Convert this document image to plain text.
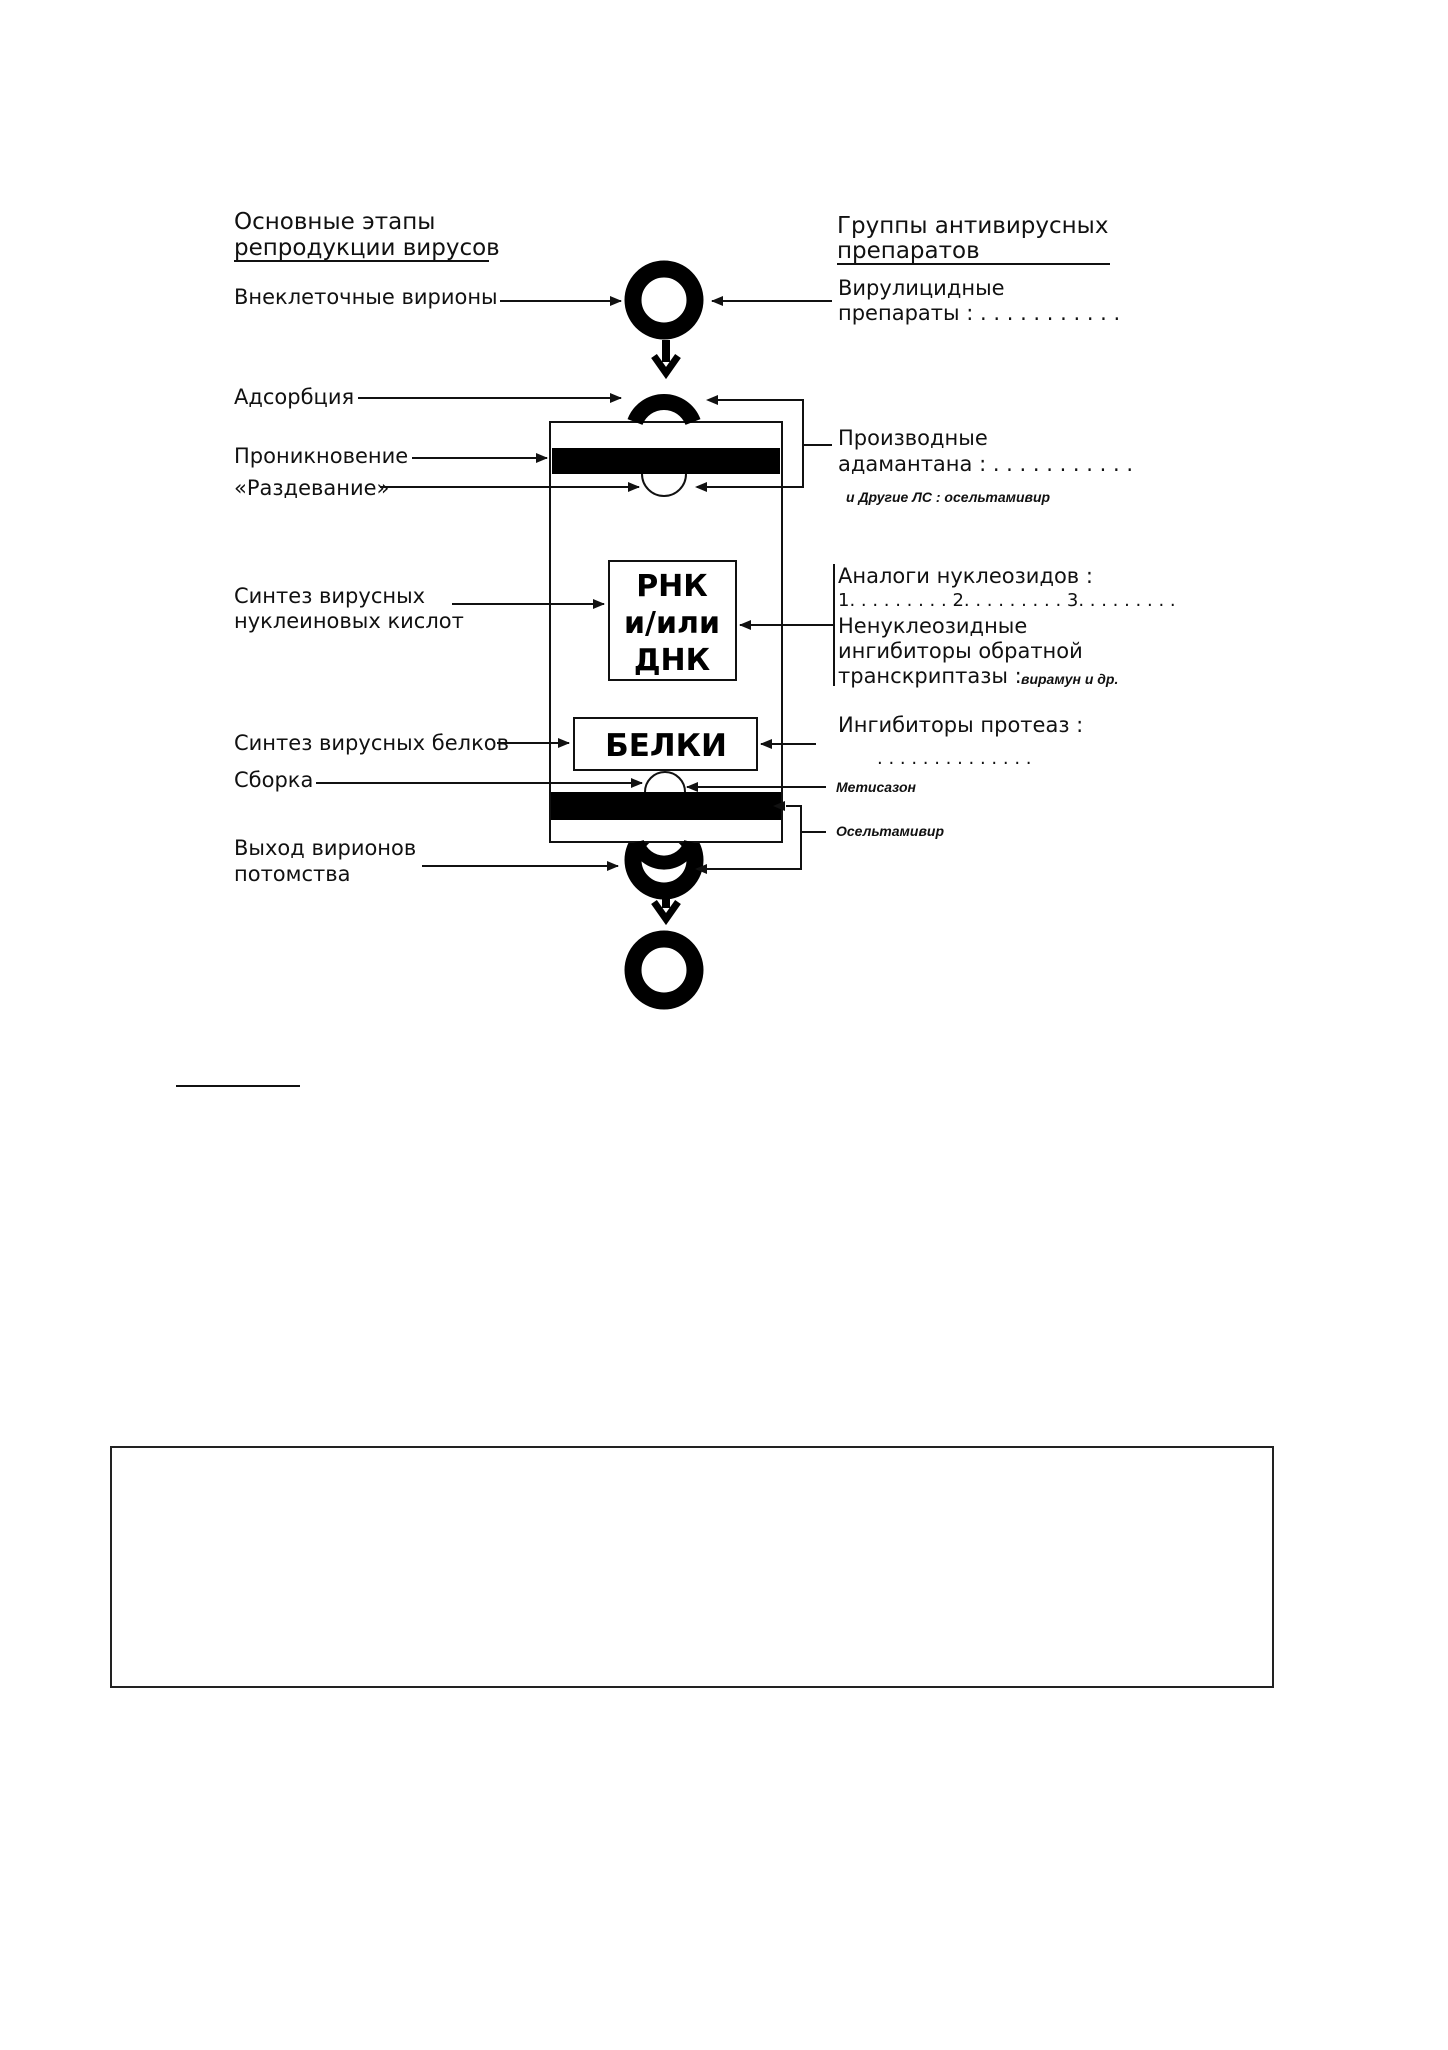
Основные этапы
репродукции вирусов
Группы антивирусных
препаратов
РНК
и/или
ДНК
БЕЛКИ
Внеклеточные вирионы
Адсорбция
Проникновение
«Раздевание»
Синтез вирусных
нуклеиновых кислот
Синтез вирусных белков
Сборка
Выход вирионов
потомства
Вирулицидные
препараты : . . . . . . . . . . .
Производные
адамантана : . . . . . . . . . . .
и Другие ЛС : осельтамивир
Аналоги нуклеозидов :
1. . . . . . . . . 2. . . . . . . . . 3. . . . . . . . .
Ненуклеозидные
ингибиторы обратной
транскриптазы : вирамун и др.
Ингибиторы протеаз :
. . . . . . . . . . . . . .
Метисазон
Осельтамивир
